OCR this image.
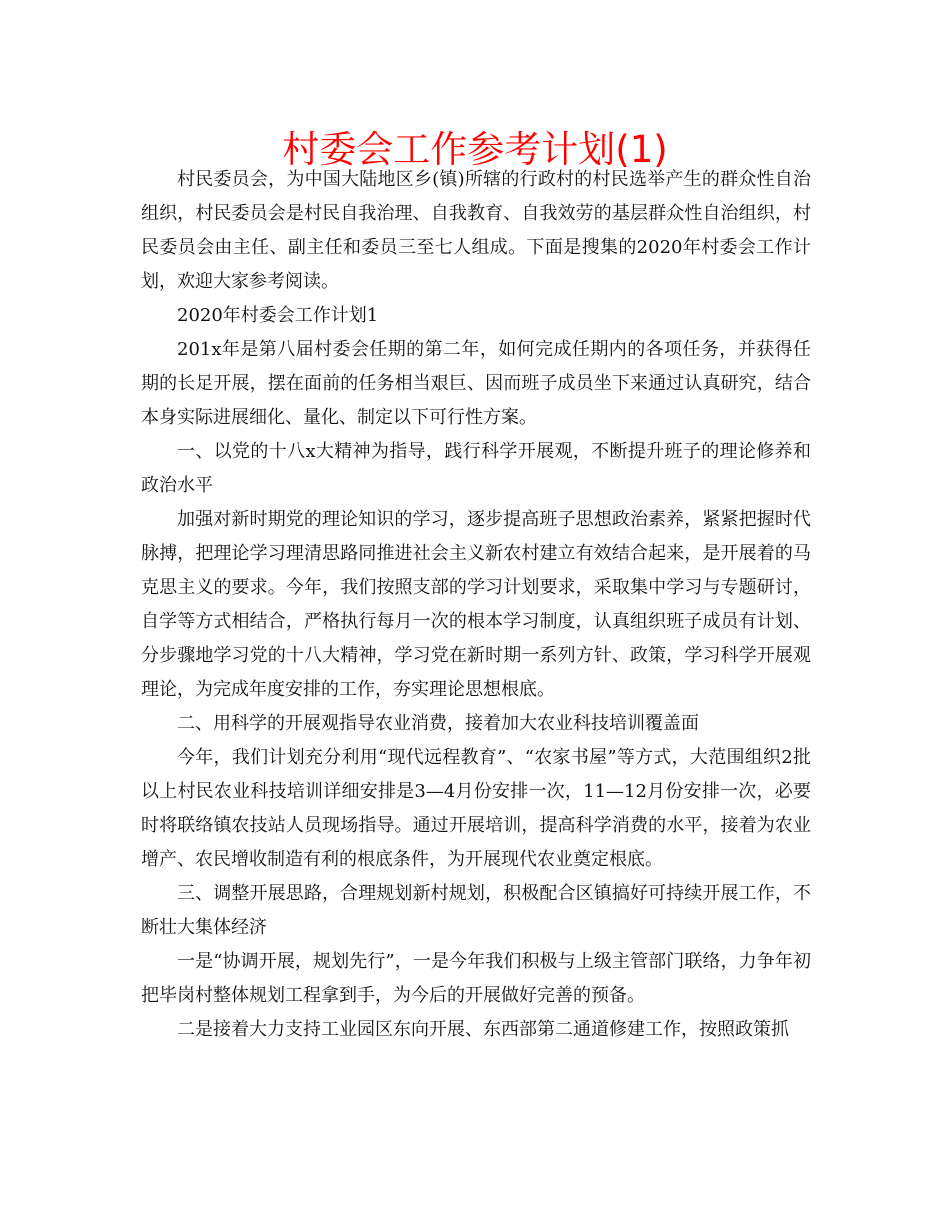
村委会工作参考计划(1)

村民委员会，为中国大陆地区乡(镇)所辖的行政村的村民选举产生的群众性自治组织，村民委员会是村民自我治理、自我教育、自我效劳的基层群众性自治组织，村民委员会由主任、副主任和委员三至七人组成。下面是搜集的2020年村委会工作计划，欢迎大家参考阅读。

2020年村委会工作计划1

201x年是第八届村委会任期的第二年，如何完成任期内的各项任务，并获得任期的长足开展，摆在面前的任务相当艰巨、因而班子成员坐下来通过认真研究，结合本身实际进展细化、量化、制定以下可行性方案。

一、以党的十八x大精神为指导，践行科学开展观，不断提升班子的理论修养和政治水平

加强对新时期党的理论知识的学习，逐步提高班子思想政治素养，紧紧把握时代脉搏，把理论学习理清思路同推进社会主义新农村建立有效结合起来，是开展着的马克思主义的要求。今年，我们按照支部的学习计划要求，采取集中学习与专题研讨，自学等方式相结合，严格执行每月一次的根本学习制度，认真组织班子成员有计划、分步骤地学习党的十八大精神，学习党在新时期一系列方针、政策，学习科学开展观理论，为完成年度安排的工作，夯实理论思想根底。

二、用科学的开展观指导农业消费，接着加大农业科技培训覆盖面

今年，我们计划充分利用“现代远程教育”、“农家书屋”等方式，大范围组织2批以上村民农业科技培训详细安排是3—4月份安排一次，11—12月份安排一次，必要时将联络镇农技站人员现场指导。通过开展培训，提高科学消费的水平，接着为农业增产、农民增收制造有利的根底条件，为开展现代农业奠定根底。

三、调整开展思路，合理规划新村规划，积极配合区镇搞好可持续开展工作，不断壮大集体经济

一是“协调开展，规划先行”，一是今年我们积极与上级主管部门联络，力争年初把毕岗村整体规划工程拿到手，为今后的开展做好完善的预备。

二是接着大力支持工业园区东向开展、东西部第二通道修建工作，按照政策抓
